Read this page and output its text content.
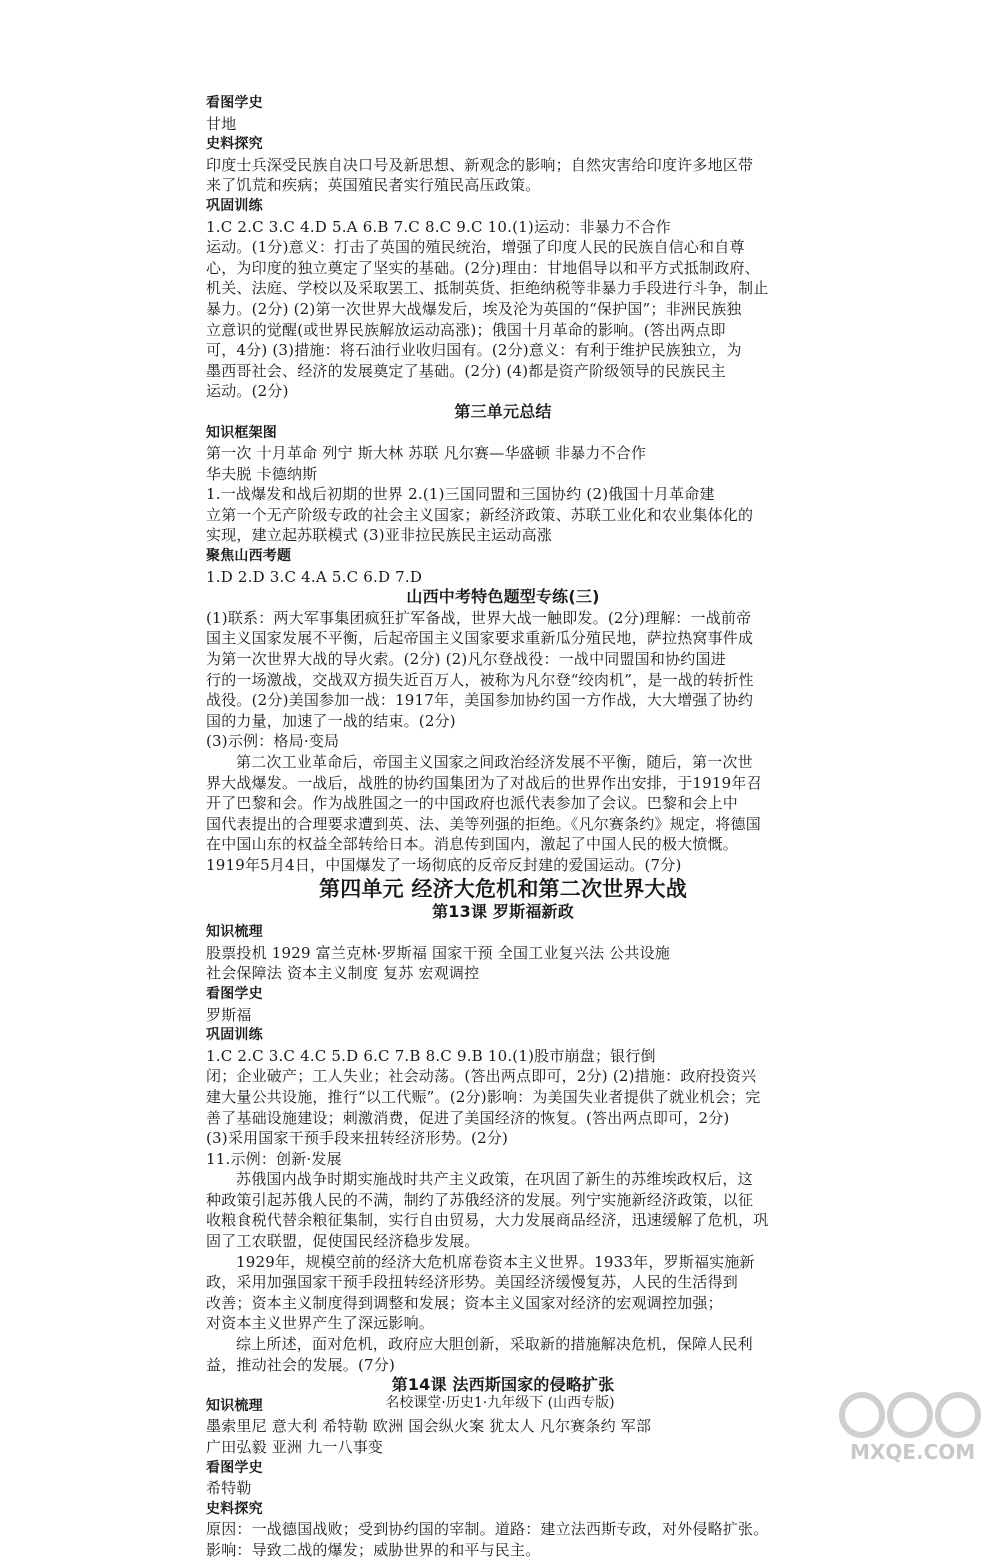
看图学史
甘地
史料探究
印度士兵深受民族自决口号及新思想、新观念的影响；自然灾害给印度许多地区带
来了饥荒和疾病；英国殖民者实行殖民高压政策。
巩固训练
1.C 2.C 3.C 4.D 5.A 6.B 7.C 8.C 9.C 10.(1)运动：非暴力不合作
运动。(1分)意义：打击了英国的殖民统治，增强了印度人民的民族自信心和自尊
心，为印度的独立奠定了坚实的基础。(2分)理由：甘地倡导以和平方式抵制政府、
机关、法庭、学校以及采取罢工、抵制英货、拒绝纳税等非暴力手段进行斗争，制止
暴力。(2分) (2)第一次世界大战爆发后，埃及沦为英国的“保护国”；非洲民族独
立意识的觉醒(或世界民族解放运动高涨)；俄国十月革命的影响。(答出两点即
可，4分) (3)措施：将石油行业收归国有。(2分)意义：有利于维护民族独立，为
墨西哥社会、经济的发展奠定了基础。(2分) (4)都是资产阶级领导的民族民主
运动。(2分)
第三单元总结
知识框架图
第一次 十月革命 列宁 斯大林 苏联 凡尔赛—华盛顿 非暴力不合作
华夫脱 卡德纳斯
1.一战爆发和战后初期的世界 2.(1)三国同盟和三国协约 (2)俄国十月革命建
立第一个无产阶级专政的社会主义国家；新经济政策、苏联工业化和农业集体化的
实现，建立起苏联模式 (3)亚非拉民族民主运动高涨
聚焦山西考题
1.D 2.D 3.C 4.A 5.C 6.D 7.D
山西中考特色题型专练(三)
(1)联系：两大军事集团疯狂扩军备战，世界大战一触即发。(2分)理解：一战前帝
国主义国家发展不平衡，后起帝国主义国家要求重新瓜分殖民地，萨拉热窝事件成
为第一次世界大战的导火索。(2分) (2)凡尔登战役：一战中同盟国和协约国进
行的一场激战，交战双方损失近百万人，被称为凡尔登“绞肉机”，是一战的转折性
战役。(2分)美国参加一战：1917年，美国参加协约国一方作战，大大增强了协约
国的力量，加速了一战的结束。(2分)
(3)示例：格局·变局
第二次工业革命后，帝国主义国家之间政治经济发展不平衡，随后，第一次世
界大战爆发。一战后，战胜的协约国集团为了对战后的世界作出安排，于1919年召
开了巴黎和会。作为战胜国之一的中国政府也派代表参加了会议。巴黎和会上中
国代表提出的合理要求遭到英、法、美等列强的拒绝。《凡尔赛条约》规定，将德国
在中国山东的权益全部转给日本。消息传到国内，激起了中国人民的极大愤慨。
1919年5月4日，中国爆发了一场彻底的反帝反封建的爱国运动。(7分)
第四单元 经济大危机和第二次世界大战
第13课 罗斯福新政
知识梳理
股票投机 1929 富兰克林·罗斯福 国家干预 全国工业复兴法 公共设施
社会保障法 资本主义制度 复苏 宏观调控
看图学史
罗斯福
巩固训练
1.C 2.C 3.C 4.C 5.D 6.C 7.B 8.C 9.B 10.(1)股市崩盘；银行倒
闭；企业破产；工人失业；社会动荡。(答出两点即可，2分) (2)措施：政府投资兴
建大量公共设施，推行“以工代赈”。(2分)影响：为美国失业者提供了就业机会；完
善了基础设施建设；刺激消费，促进了美国经济的恢复。(答出两点即可，2分)
(3)采用国家干预手段来扭转经济形势。(2分)
11.示例：创新·发展
苏俄国内战争时期实施战时共产主义政策，在巩固了新生的苏维埃政权后，这
种政策引起苏俄人民的不满，制约了苏俄经济的发展。列宁实施新经济政策，以征
收粮食税代替余粮征集制，实行自由贸易，大力发展商品经济，迅速缓解了危机，巩
固了工农联盟，促使国民经济稳步发展。
1929年，规模空前的经济大危机席卷资本主义世界。1933年，罗斯福实施新
政，采用加强国家干预手段扭转经济形势。美国经济缓慢复苏，人民的生活得到
改善；资本主义制度得到调整和发展；资本主义国家对经济的宏观调控加强；
对资本主义世界产生了深远影响。
综上所述，面对危机，政府应大胆创新，采取新的措施解决危机，保障人民利
益，推动社会的发展。(7分)
第14课 法西斯国家的侵略扩张
知识梳理
墨索里尼 意大利 希特勒 欧洲 国会纵火案 犹太人 凡尔赛条约 军部
广田弘毅 亚洲 九一八事变
看图学史
希特勒
史料探究
原因：一战德国战败；受到协约国的宰制。道路：建立法西斯专政，对外侵略扩张。
影响：导致二战的爆发；威胁世界的和平与民主。
名校课堂·历史1·九年级下 (山西专版)
MXQE.COM
